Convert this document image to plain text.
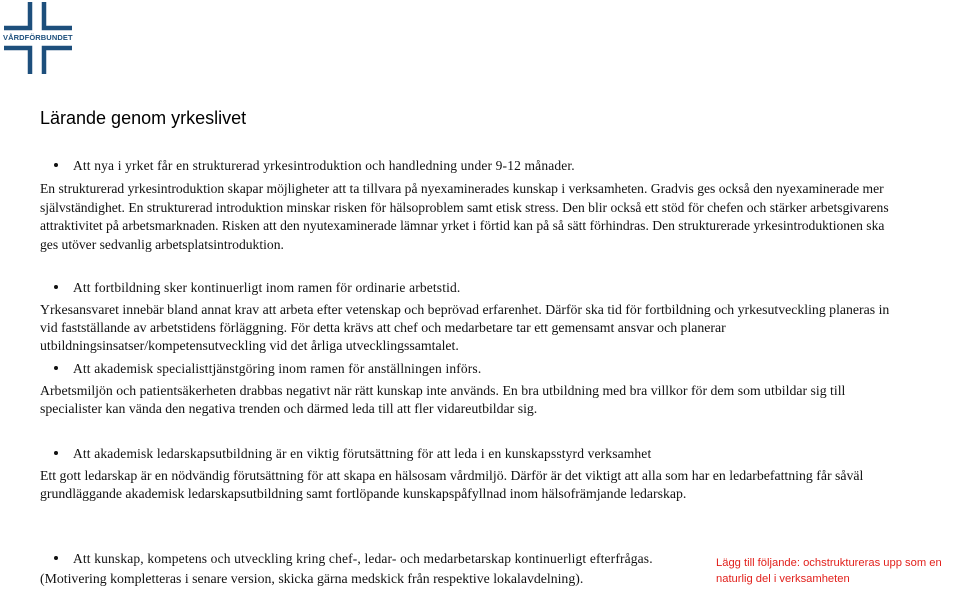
VÅRDFÖRBUNDET
Lärande genom yrkeslivet
Att nya i yrket får en strukturerad yrkesintroduktion och handledning under 9-12 månader.

En strukturerad yrkesintroduktion skapar möjligheter att ta tillvara på nyexaminerades kunskap i verksamheten. Gradvis ges också den nyexaminerade mer självständighet. En strukturerad introduktion minskar risken för hälsoproblem samt etisk stress. Den blir också ett stöd för chefen och stärker arbetsgivarens attraktivitet på arbetsmarknaden. Risken att den nyutexaminerade lämnar yrket i förtid kan på så sätt förhindras. Den strukturerade yrkesintroduktionen ska ges utöver sedvanlig arbetsplatsintroduktion.

Att fortbildning sker kontinuerligt inom ramen för ordinarie arbetstid.

Yrkesansvaret innebär bland annat krav att arbeta efter vetenskap och beprövad erfarenhet. Därför ska tid för fortbildning och yrkesutveckling planeras in vid fastställande av arbetstidens förläggning. För detta krävs att chef och medarbetare tar ett gemensamt ansvar och planerar utbildningsinsatser/kompetensutveckling vid det årliga utvecklingssamtalet.

Att akademisk specialisttjänstgöring inom ramen för anställningen införs.

Arbetsmiljön och patientsäkerheten drabbas negativt när rätt kunskap inte används. En bra utbildning med bra villkor för dem som utbildar sig till specialister kan vända den negativa trenden och därmed leda till att fler vidareutbildar sig.

Att akademisk ledarskapsutbildning är en viktig förutsättning för att leda i en kunskapsstyrd verksamhet

Ett gott ledarskap är en nödvändig förutsättning för att skapa en hälsosam vårdmiljö. Därför är det viktigt att alla som har en ledarbefattning får såväl grundläggande akademisk ledarskapsutbildning samt fortlöpande kunskapspåfyllnad inom hälsofrämjande ledarskap.

Att kunskap, kompetens och utveckling kring chef-, ledar- och medarbetarskap kontinuerligt efterfrågas.

(Motivering kompletteras i senare version, skicka gärna medskick från respektive lokalavdelning).

Lägg till följande: ochstruktureras upp som en naturlig del i verksamheten
